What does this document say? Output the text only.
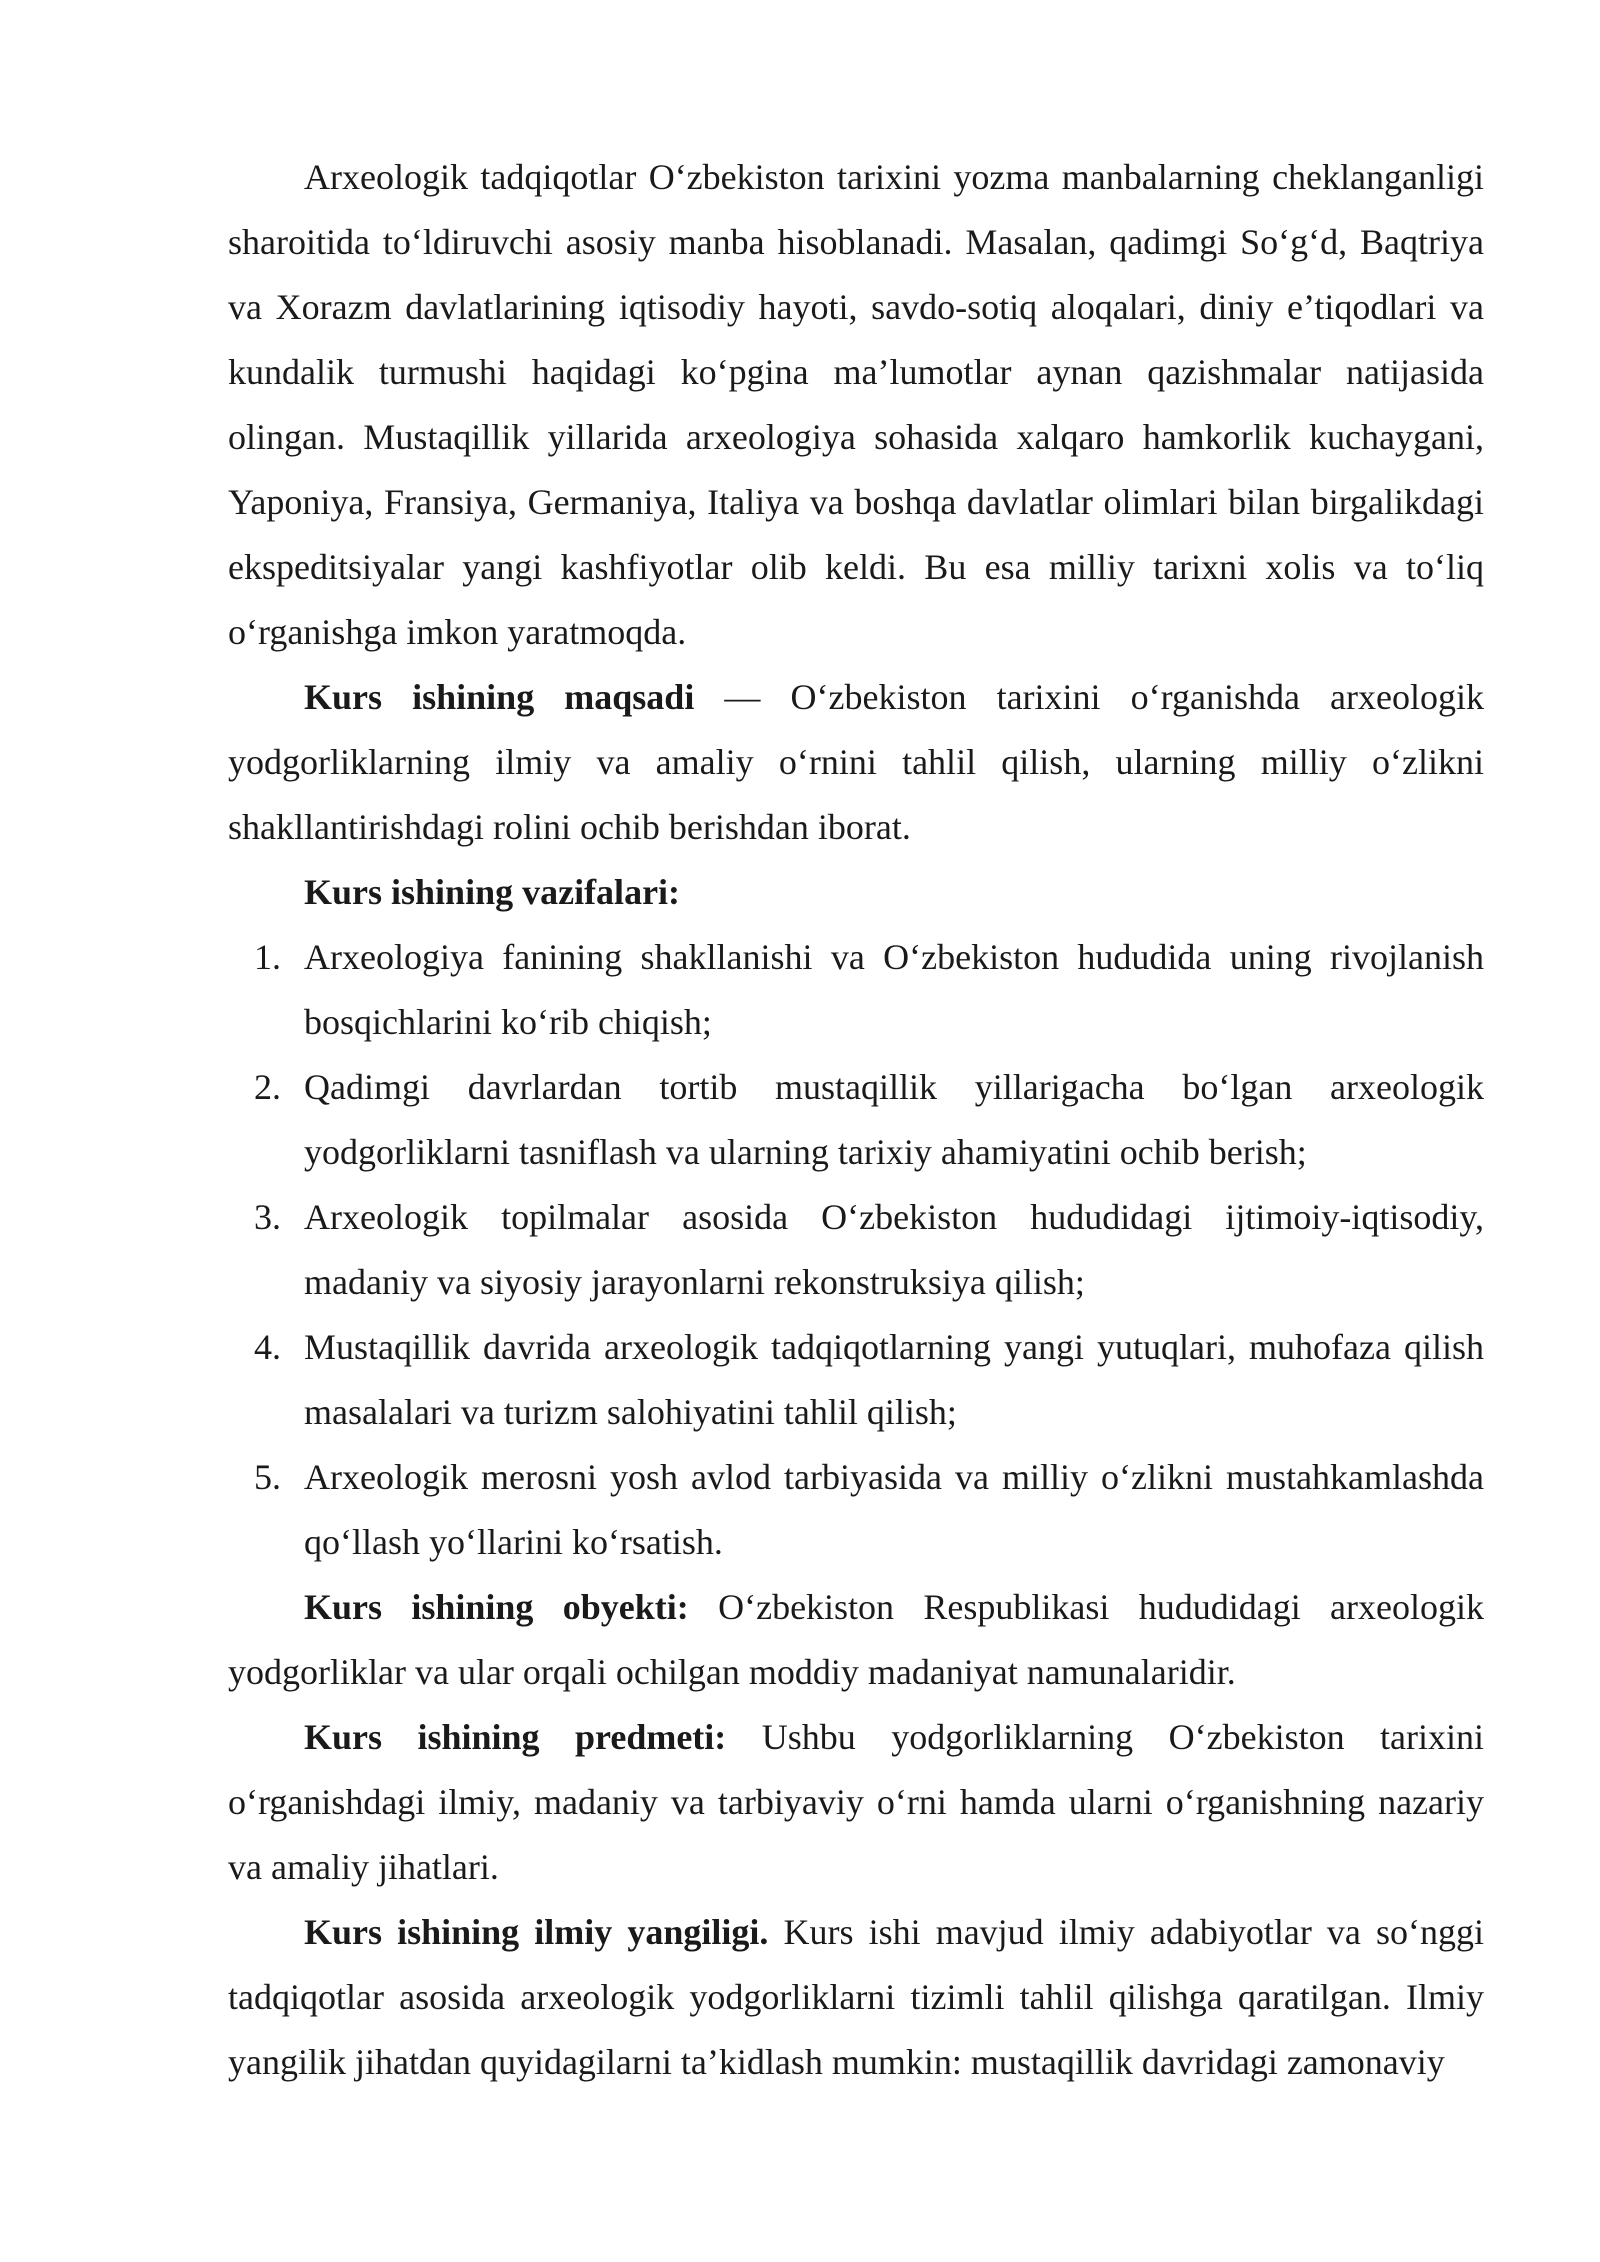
Arxeologik tadqiqotlar O‘zbekiston tarixini yozma manbalarning cheklanganligi sharoitida to‘ldiruvchi asosiy manba hisoblanadi. Masalan, qadimgi So‘g‘d, Baqtriya va Xorazm davlatlarining iqtisodiy hayoti, savdo-sotiq aloqalari, diniy e’tiqodlari va kundalik turmushi haqidagi ko‘pgina ma’lumotlar aynan qazishmalar natijasida olingan. Mustaqillik yillarida arxeologiya sohasida xalqaro hamkorlik kuchaygani, Yaponiya, Fransiya, Germaniya, Italiya va boshqa davlatlar olimlari bilan birgalikdagi ekspeditsiyalar yangi kashfiyotlar olib keldi. Bu esa milliy tarixni xolis va to‘liq o‘rganishga imkon yaratmoqda.

Kurs ishining maqsadi — O‘zbekiston tarixini o‘rganishda arxeologik yodgorliklarning ilmiy va amaliy o‘rnini tahlil qilish, ularning milliy o‘zlikni shakllantirishdagi rolini ochib berishdan iborat.

Kurs ishining vazifalari:

1. Arxeologiya fanining shakllanishi va O‘zbekiston hududida uning rivojlanish bosqichlarini ko‘rib chiqish;
2. Qadimgi davrlardan tortib mustaqillik yillarigacha bo‘lgan arxeologik yodgorliklarni tasniflash va ularning tarixiy ahamiyatini ochib berish;
3. Arxeologik topilmalar asosida O‘zbekiston hududidagi ijtimoiy-iqtisodiy, madaniy va siyosiy jarayonlarni rekonstruksiya qilish;
4. Mustaqillik davrida arxeologik tadqiqotlarning yangi yutuqlari, muhofaza qilish masalalari va turizm salohiyatini tahlil qilish;
5. Arxeologik merosni yosh avlod tarbiyasida va milliy o‘zlikni mustahkamlashda qo‘llash yo‘llarini ko‘rsatish.

Kurs ishining obyekti: O‘zbekiston Respublikasi hududidagi arxeologik yodgorliklar va ular orqali ochilgan moddiy madaniyat namunalaridir.

Kurs ishining predmeti: Ushbu yodgorliklarning O‘zbekiston tarixini o‘rganishdagi ilmiy, madaniy va tarbiyaviy o‘rni hamda ularni o‘rganishning nazariy va amaliy jihatlari.

Kurs ishining ilmiy yangiligi. Kurs ishi mavjud ilmiy adabiyotlar va so‘nggi tadqiqotlar asosida arxeologik yodgorliklarni tizimli tahlil qilishga qaratilgan. Ilmiy yangilik jihatdan quyidagilarni ta’kidlash mumkin: mustaqillik davridagi zamonaviy
